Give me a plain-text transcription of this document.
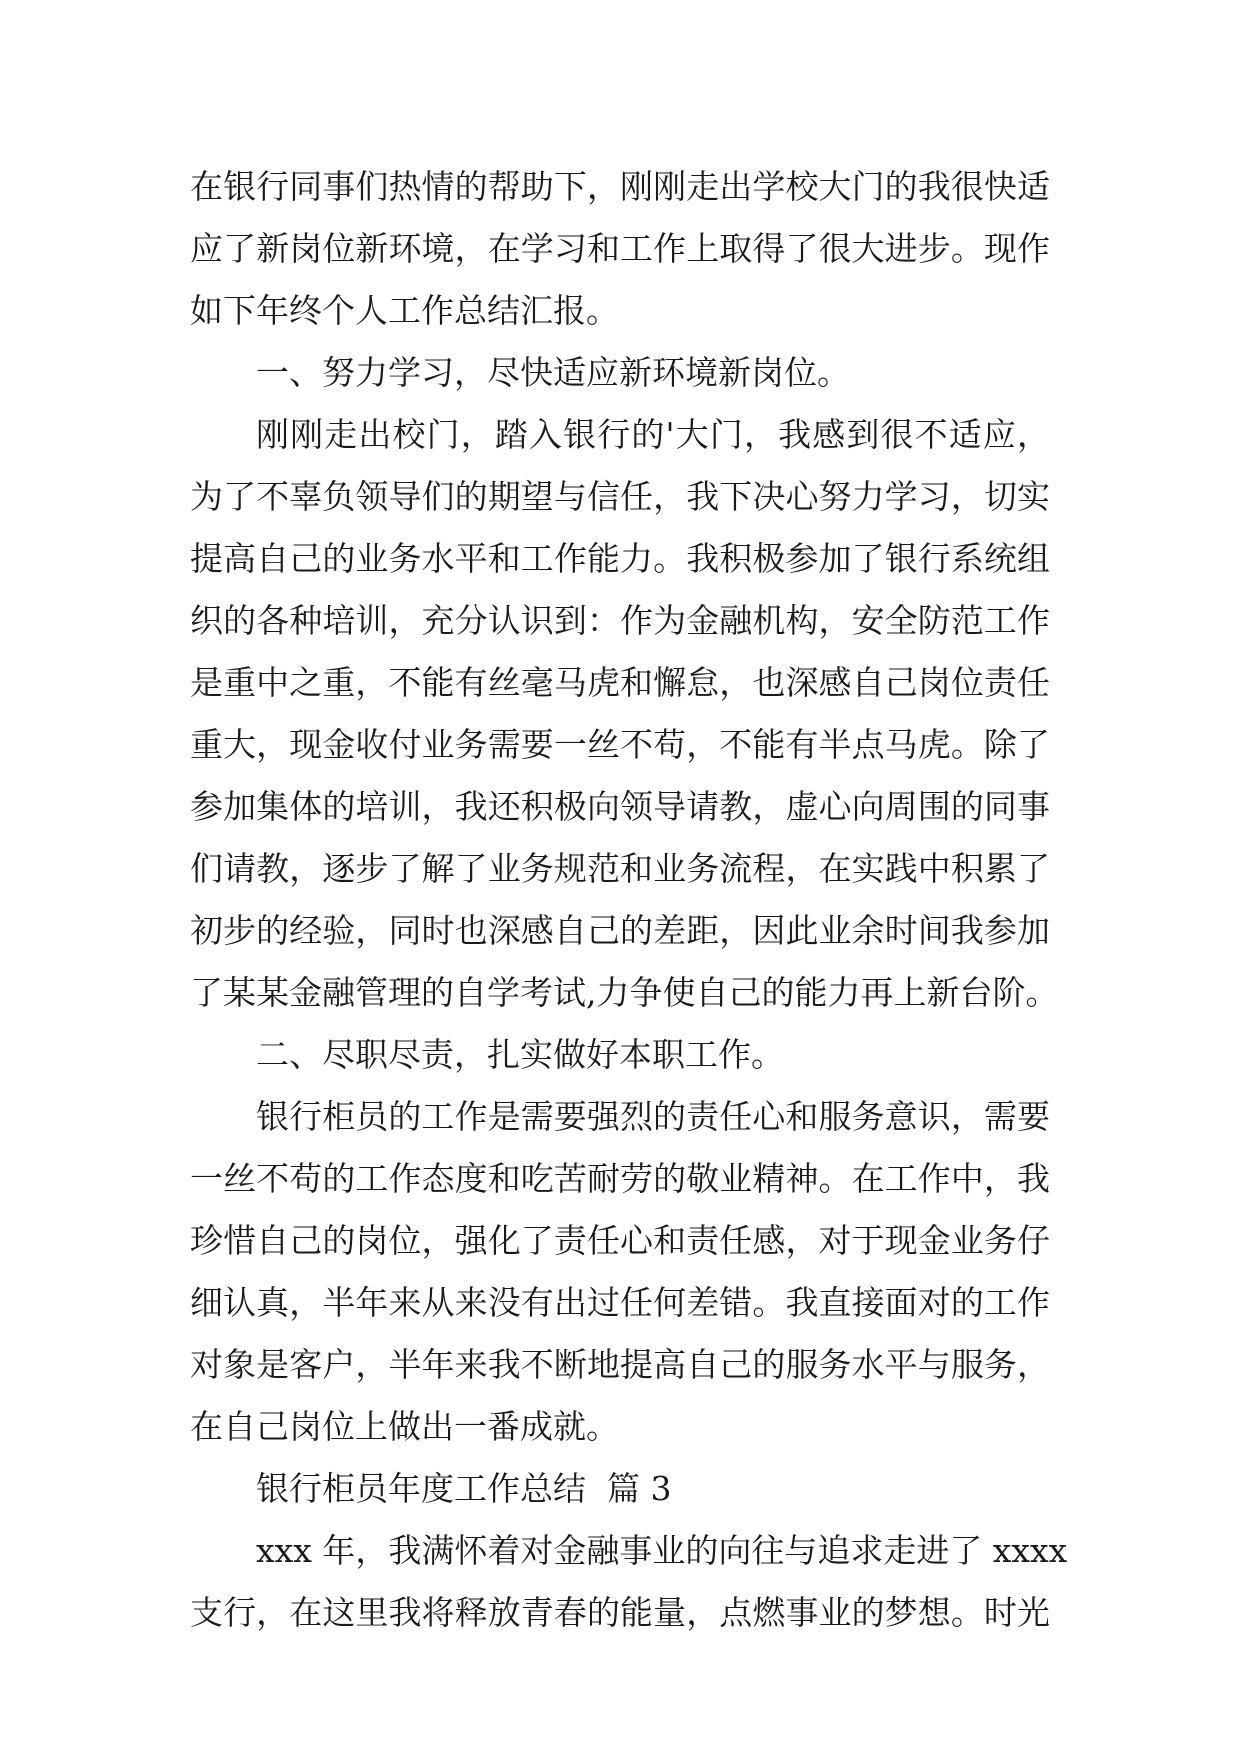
在银行同事们热情的帮助下，刚刚走出学校大门的我很快适
应了新岗位新环境，在学习和工作上取得了很大进步。现作
如下年终个人工作总结汇报。
一、努力学习，尽快适应新环境新岗位。
刚刚走出校门，踏入银行的'大门，我感到很不适应，
为了不辜负领导们的期望与信任，我下决心努力学习，切实
提高自己的业务水平和工作能力。我积极参加了银行系统组
织的各种培训，充分认识到：作为金融机构，安全防范工作
是重中之重，不能有丝毫马虎和懈怠，也深感自己岗位责任
重大，现金收付业务需要一丝不苟，不能有半点马虎。除了
参加集体的培训，我还积极向领导请教，虚心向周围的同事
们请教，逐步了解了业务规范和业务流程，在实践中积累了
初步的经验，同时也深感自己的差距，因此业余时间我参加
了某某金融管理的自学考试,力争使自己的能力再上新台阶。
二、尽职尽责，扎实做好本职工作。
银行柜员的工作是需要强烈的责任心和服务意识，需要
一丝不苟的工作态度和吃苦耐劳的敬业精神。在工作中，我
珍惜自己的岗位，强化了责任心和责任感，对于现金业务仔
细认真，半年来从来没有出过任何差错。我直接面对的工作
对象是客户，半年来我不断地提高自己的服务水平与服务，
在自己岗位上做出一番成就。
银行柜员年度工作总结  篇 3
xxx 年，我满怀着对金融事业的向往与追求走进了 xxxx
支行，在这里我将释放青春的能量，点燃事业的梦想。时光
